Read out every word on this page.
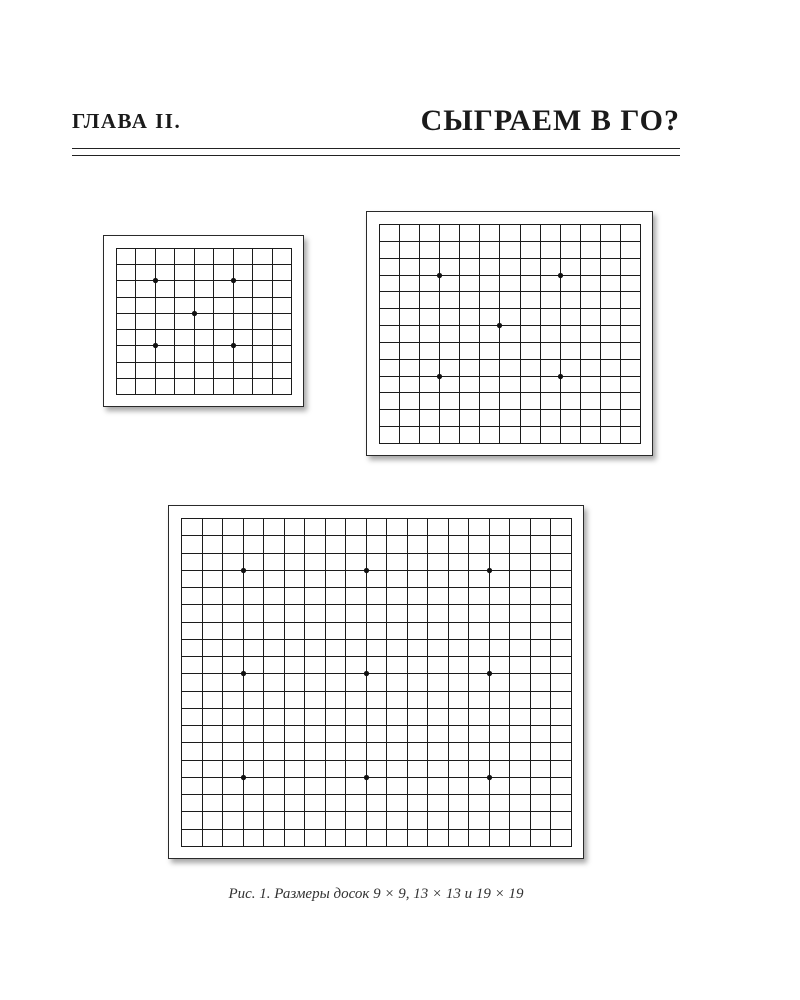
ГЛАВА II.	СЫГРАЕМ В ГО?
Рис. 1. Размеры досок 9 × 9, 13 × 13 и 19 × 19
